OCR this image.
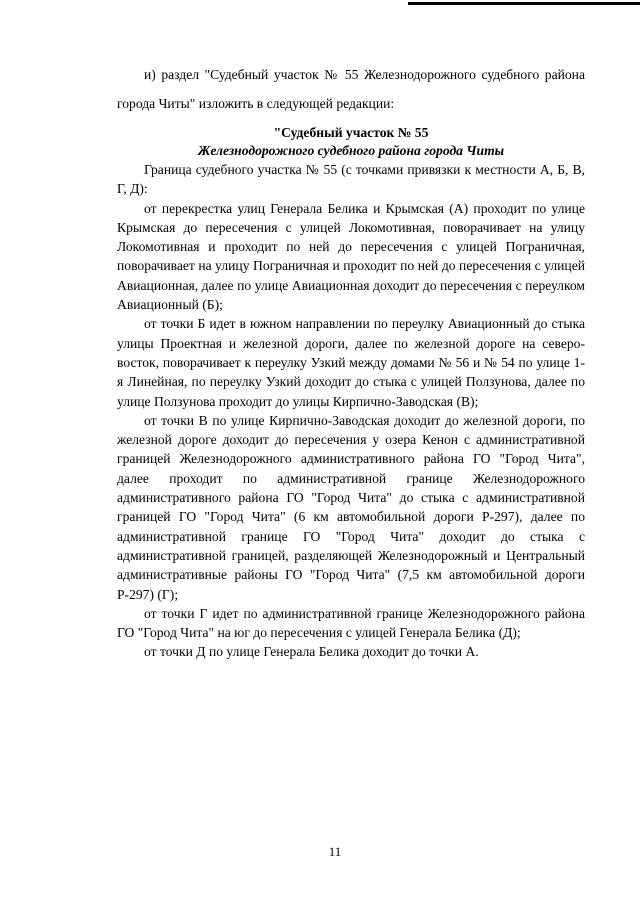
и) раздел "Судебный участок № 55 Железнодорожного судебного района города Читы" изложить в следующей редакции:

"Судебный участок № 55

Железнодорожного судебного района города Читы

Граница судебного участка № 55 (с точками привязки к местности А, Б, В, Г, Д):

от перекрестка улиц Генерала Белика и Крымская (А) проходит по улице Крымская до пересечения с улицей Локомотивная, поворачивает на улицу Локомотивная и проходит по ней до пересечения с улицей Пограничная, поворачивает на улицу Пограничная и проходит по ней до пересечения с улицей Авиационная, далее по улице Авиационная доходит до пересечения с переулком Авиационный (Б);

от точки Б идет в южном направлении по переулку Авиационный до стыка улицы Проектная и железной дороги, далее по железной дороге на северо-восток, поворачивает к переулку Узкий между домами № 56 и № 54 по улице 1-я Линейная, по переулку Узкий доходит до стыка с улицей Ползунова, далее по улице Ползунова проходит до улицы Кирпично-Заводская (В);

от точки В по улице Кирпично-Заводская доходит до железной дороги, по железной дороге доходит до пересечения у озера Кенон с административной границей Железнодорожного административного района ГО "Город Чита", далее проходит по административной границе Железнодорожного административного района ГО "Город Чита" до стыка с административной границей ГО "Город Чита" (6 км автомобильной дороги Р-297), далее по административной границе ГО "Город Чита" доходит до стыка с административной границей, разделяющей Железнодорожный и Центральный административные районы ГО "Город Чита" (7,5 км автомобильной дороги Р-297) (Г);

от точки Г идет по административной границе Железнодорожного района ГО "Город Чита" на юг до пересечения с улицей Генерала Белика (Д);

от точки Д по улице Генерала Белика доходит до точки А.

11
